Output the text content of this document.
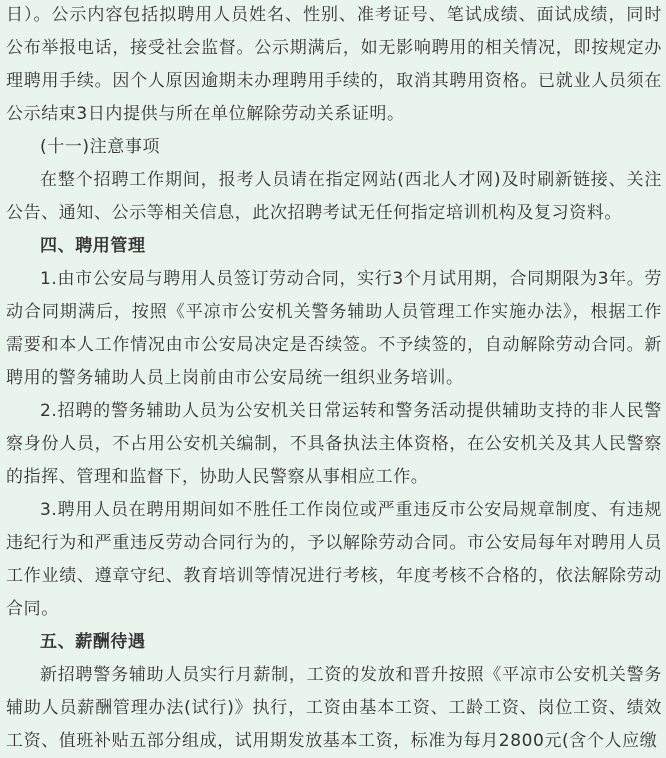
日）。公示内容包括拟聘用人员姓名、性别、准考证号、笔试成绩、面试成绩，同时公布举报电话，接受社会监督。公示期满后，如无影响聘用的相关情况，即按规定办理聘用手续。因个人原因逾期未办理聘用手续的，取消其聘用资格。已就业人员须在公示结束3日内提供与所在单位解除劳动关系证明。

(十一)注意事项

在整个招聘工作期间，报考人员请在指定网站(西北人才网)及时刷新链接、关注公告、通知、公示等相关信息，此次招聘考试无任何指定培训机构及复习资料。

四、聘用管理

1.由市公安局与聘用人员签订劳动合同，实行3个月试用期，合同期限为3年。劳动合同期满后，按照《平凉市公安机关警务辅助人员管理工作实施办法》，根据工作需要和本人工作情况由市公安局决定是否续签。不予续签的，自动解除劳动合同。新聘用的警务辅助人员上岗前由市公安局统一组织业务培训。

2.招聘的警务辅助人员为公安机关日常运转和警务活动提供辅助支持的非人民警察身份人员，不占用公安机关编制，不具备执法主体资格，在公安机关及其人民警察的指挥、管理和监督下，协助人民警察从事相应工作。

3.聘用人员在聘用期间如不胜任工作岗位或严重违反市公安局规章制度、有违规违纪行为和严重违反劳动合同行为的，予以解除劳动合同。市公安局每年对聘用人员工作业绩、遵章守纪、教育培训等情况进行考核，年度考核不合格的，依法解除劳动合同。

五、薪酬待遇

新招聘警务辅助人员实行月薪制，工资的发放和晋升按照《平凉市公安机关警务辅助人员薪酬管理办法(试行)》执行，工资由基本工资、工龄工资、岗位工资、绩效工资、值班补贴五部分组成，试用期发放基本工资，标准为每月2800元(含个人应缴
